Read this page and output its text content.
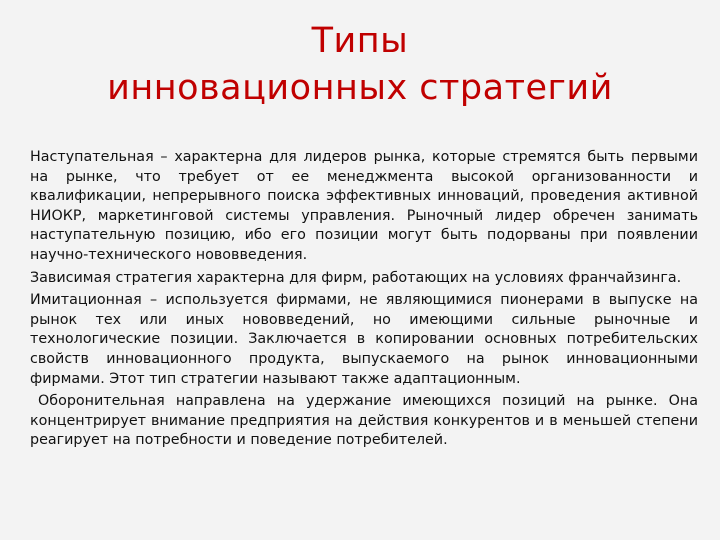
Типы
инновационных стратегий

Наступательная – характерна для лидеров рынка, которые стремятся быть первыми на рынке, что требует от ее менеджмента высокой организованности и квалификации, непрерывного поиска эффективных инноваций, проведения активной НИОКР, маркетинговой системы управления. Рыночный лидер обречен занимать наступательную позицию, ибо его позиции могут быть подорваны при появлении научно-технического нововведения.

Зависимая стратегия характерна для фирм, работающих на условиях франчайзинга.

Имитационная – используется фирмами, не являющимися пионерами в выпуске на рынок тех или иных нововведений, но имеющими сильные рыночные и технологические позиции. Заключается в копировании основных потребительских свойств инновационного продукта, выпускаемого на рынок инновационными фирмами. Этот тип стратегии называют также адаптационным.

Оборонительная направлена на удержание имеющихся позиций на рынке. Она концентрирует внимание предприятия на действия конкурентов и в меньшей степени реагирует на потребности и поведение потребителей.
